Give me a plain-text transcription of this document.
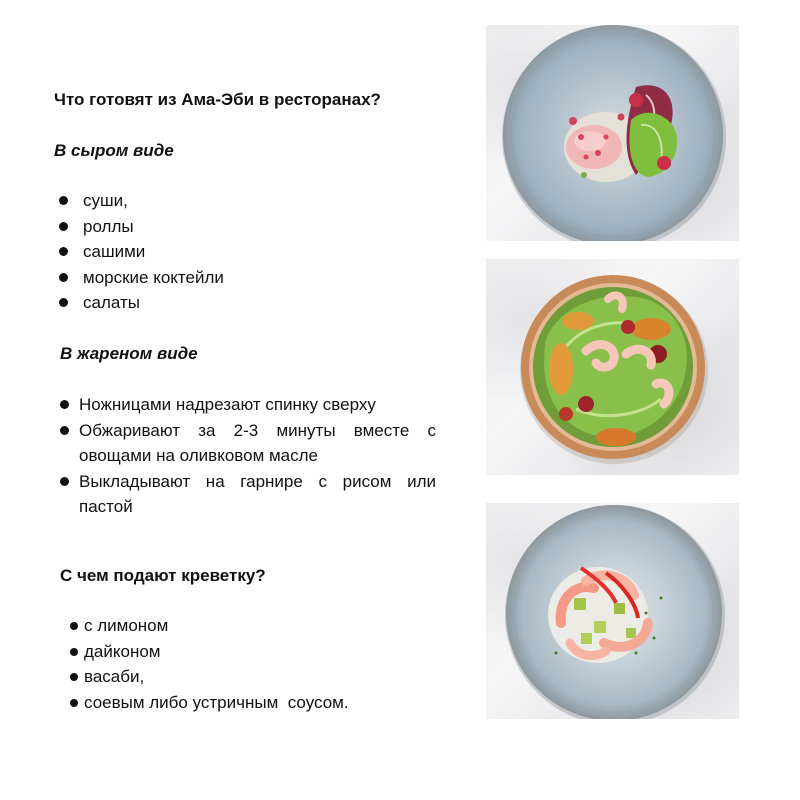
Что готовят из Ама-Эби в ресторанах?
В сыром виде
суши,
роллы
сашими
морские коктейли
салаты
В жареном виде
Ножницами надрезают спинку сверху
Обжаривают за 2-3 минуты вместе с овощами на оливковом масле
Выкладывают на гарнире с рисом или пастой
С чем подают креветку?
с лимоном
дайконом
васаби,
соевым либо устричным  соусом.
